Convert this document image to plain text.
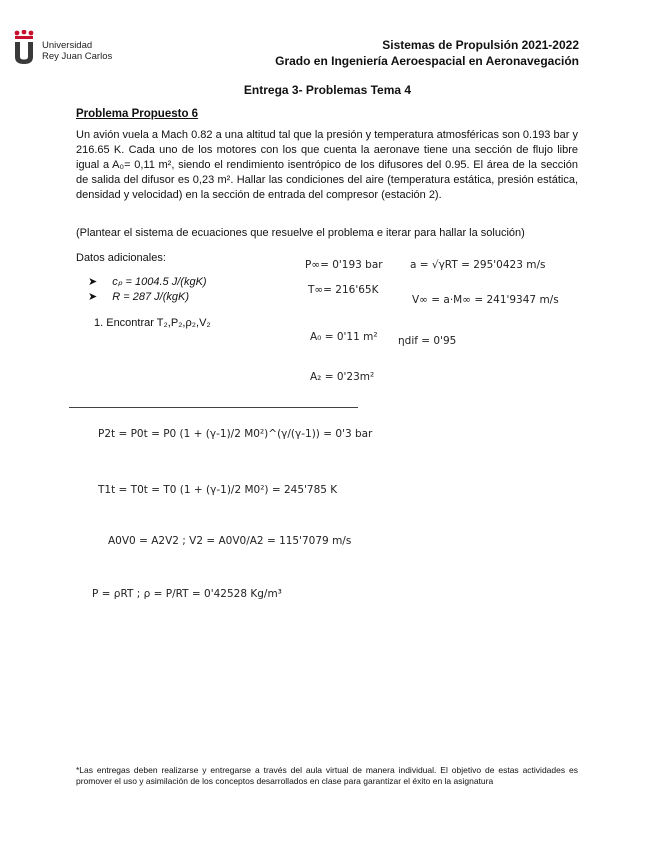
Universidad
Rey Juan Carlos
Sistemas de Propulsión 2021-2022
Grado en Ingeniería Aeroespacial en Aeronavegación
Entrega 3- Problemas Tema 4
Problema Propuesto 6
Un avión vuela a Mach 0.82 a una altitud tal que la presión y temperatura atmosféricas son 0.193 bar y 216.65 K. Cada uno de los motores con los que cuenta la aeronave tiene una sección de flujo libre igual a A₀= 0,11 m², siendo el rendimiento isentrópico de los difusores del 0.95. El área de la sección de salida del difusor es 0,23 m². Hallar las condiciones del aire (temperatura estática, presión estática, densidad y velocidad) en la sección de entrada del compresor (estación 2).
(Plantear el sistema de ecuaciones que resuelve el problema e iterar para hallar la solución)
Datos adicionales:
➤ cₚ = 1004.5 J/(kgK)
➤ R = 287 J/(kgK)
1. Encontrar T₂,P₂,ρ₂,V₂
P∞= 0'193 bar	a = √γRT = 295'0423 m/s
T∞= 216'65K
V∞ = a·M∞ = 241'9347 m/s
A₀ = 0'11 m² ηdif = 0'95
A₂ = 0'23m²
P2t = P0t = P0 (1 + (γ-1)/2 M0²)^(γ/(γ-1)) = 0'3 bar
T1t = T0t = T0 (1 + (γ-1)/2 M0²) = 245'785 K
A0V0 = A2V2 ; V2 = A0V0/A2 = 115'7079 m/s
P = ρRT ; ρ = P/RT = 0'42528 Kg/m³
*Las entregas deben realizarse y entregarse a través del aula virtual de manera individual. El objetivo de estas actividades es promover el uso y asimilación de los conceptos desarrollados en clase para garantizar el éxito en la asignatura
